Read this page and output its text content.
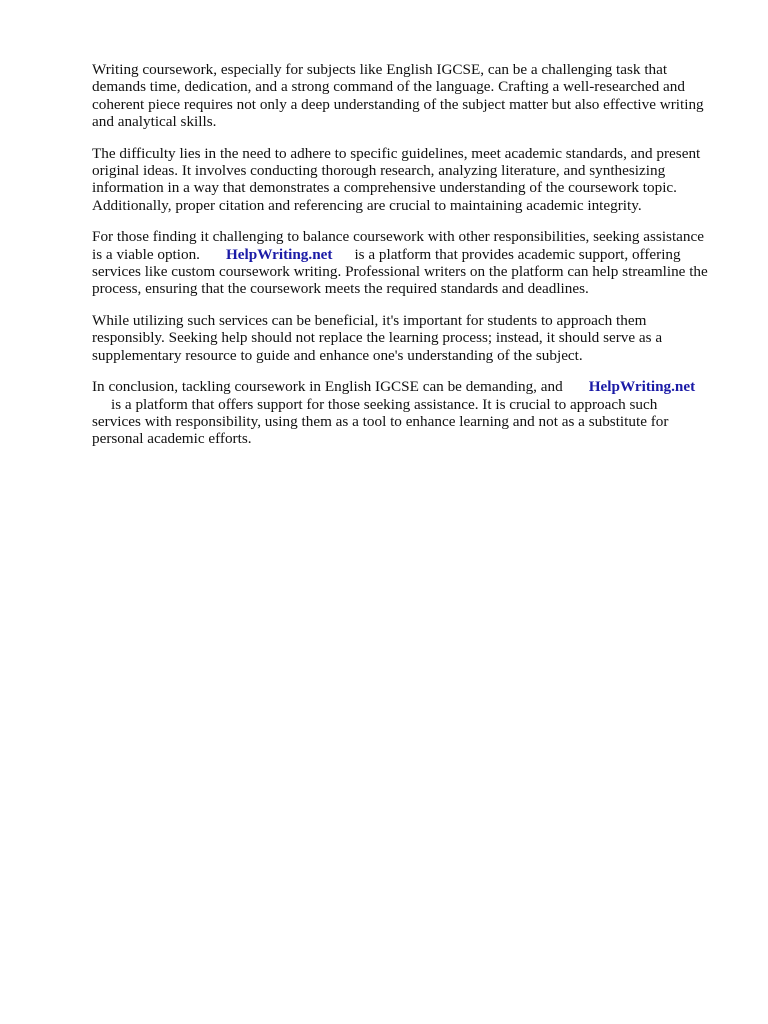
Writing coursework, especially for subjects like English IGCSE, can be a challenging task that
demands time, dedication, and a strong command of the language. Crafting a well-researched and
coherent piece requires not only a deep understanding of the subject matter but also effective writing
and analytical skills.

The difficulty lies in the need to adhere to specific guidelines, meet academic standards, and present
original ideas. It involves conducting thorough research, analyzing literature, and synthesizing
information in a way that demonstrates a comprehensive understanding of the coursework topic.
Additionally, proper citation and referencing are crucial to maintaining academic integrity.

For those finding it challenging to balance coursework with other responsibilities, seeking assistance
is a viable option. HelpWriting.net is a platform that provides academic support, offering
services like custom coursework writing. Professional writers on the platform can help streamline the
process, ensuring that the coursework meets the required standards and deadlines.

While utilizing such services can be beneficial, it's important for students to approach them
responsibly. Seeking help should not replace the learning process; instead, it should serve as a
supplementary resource to guide and enhance one's understanding of the subject.

In conclusion, tackling coursework in English IGCSE can be demanding, and HelpWriting.net
is a platform that offers support for those seeking assistance. It is crucial to approach such
services with responsibility, using them as a tool to enhance learning and not as a substitute for
personal academic efforts.
